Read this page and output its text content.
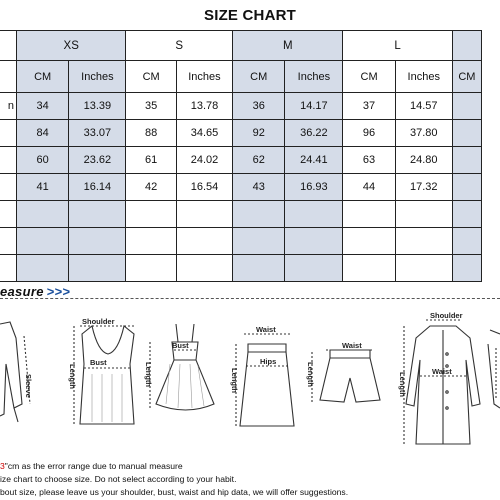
SIZE CHART
	XS		S		M		L		
	CM	Inches	CM	Inches	CM	Inches	CM	Inches	CM
n	34	13.39	35	13.78	36	14.17	37	14.57	
	84	33.07	88	34.65	92	36.22	96	37.80	
	60	23.62	61	24.02	62	24.41	63	24.80	
	41	16.14	42	16.54	43	16.93	44	17.32	

easure >>>
Sleeve
Shoulder
Bust
Length
Bust
Length
Waist
Hips
Length
Waist
Length
Shoulder
Waist
Length
3"cm as the error range due to manual measure
ize chart to choose size. Do not select according to your habit.
bout size, please leave us your shoulder, bust, waist and hip data, we will offer suggestions.
